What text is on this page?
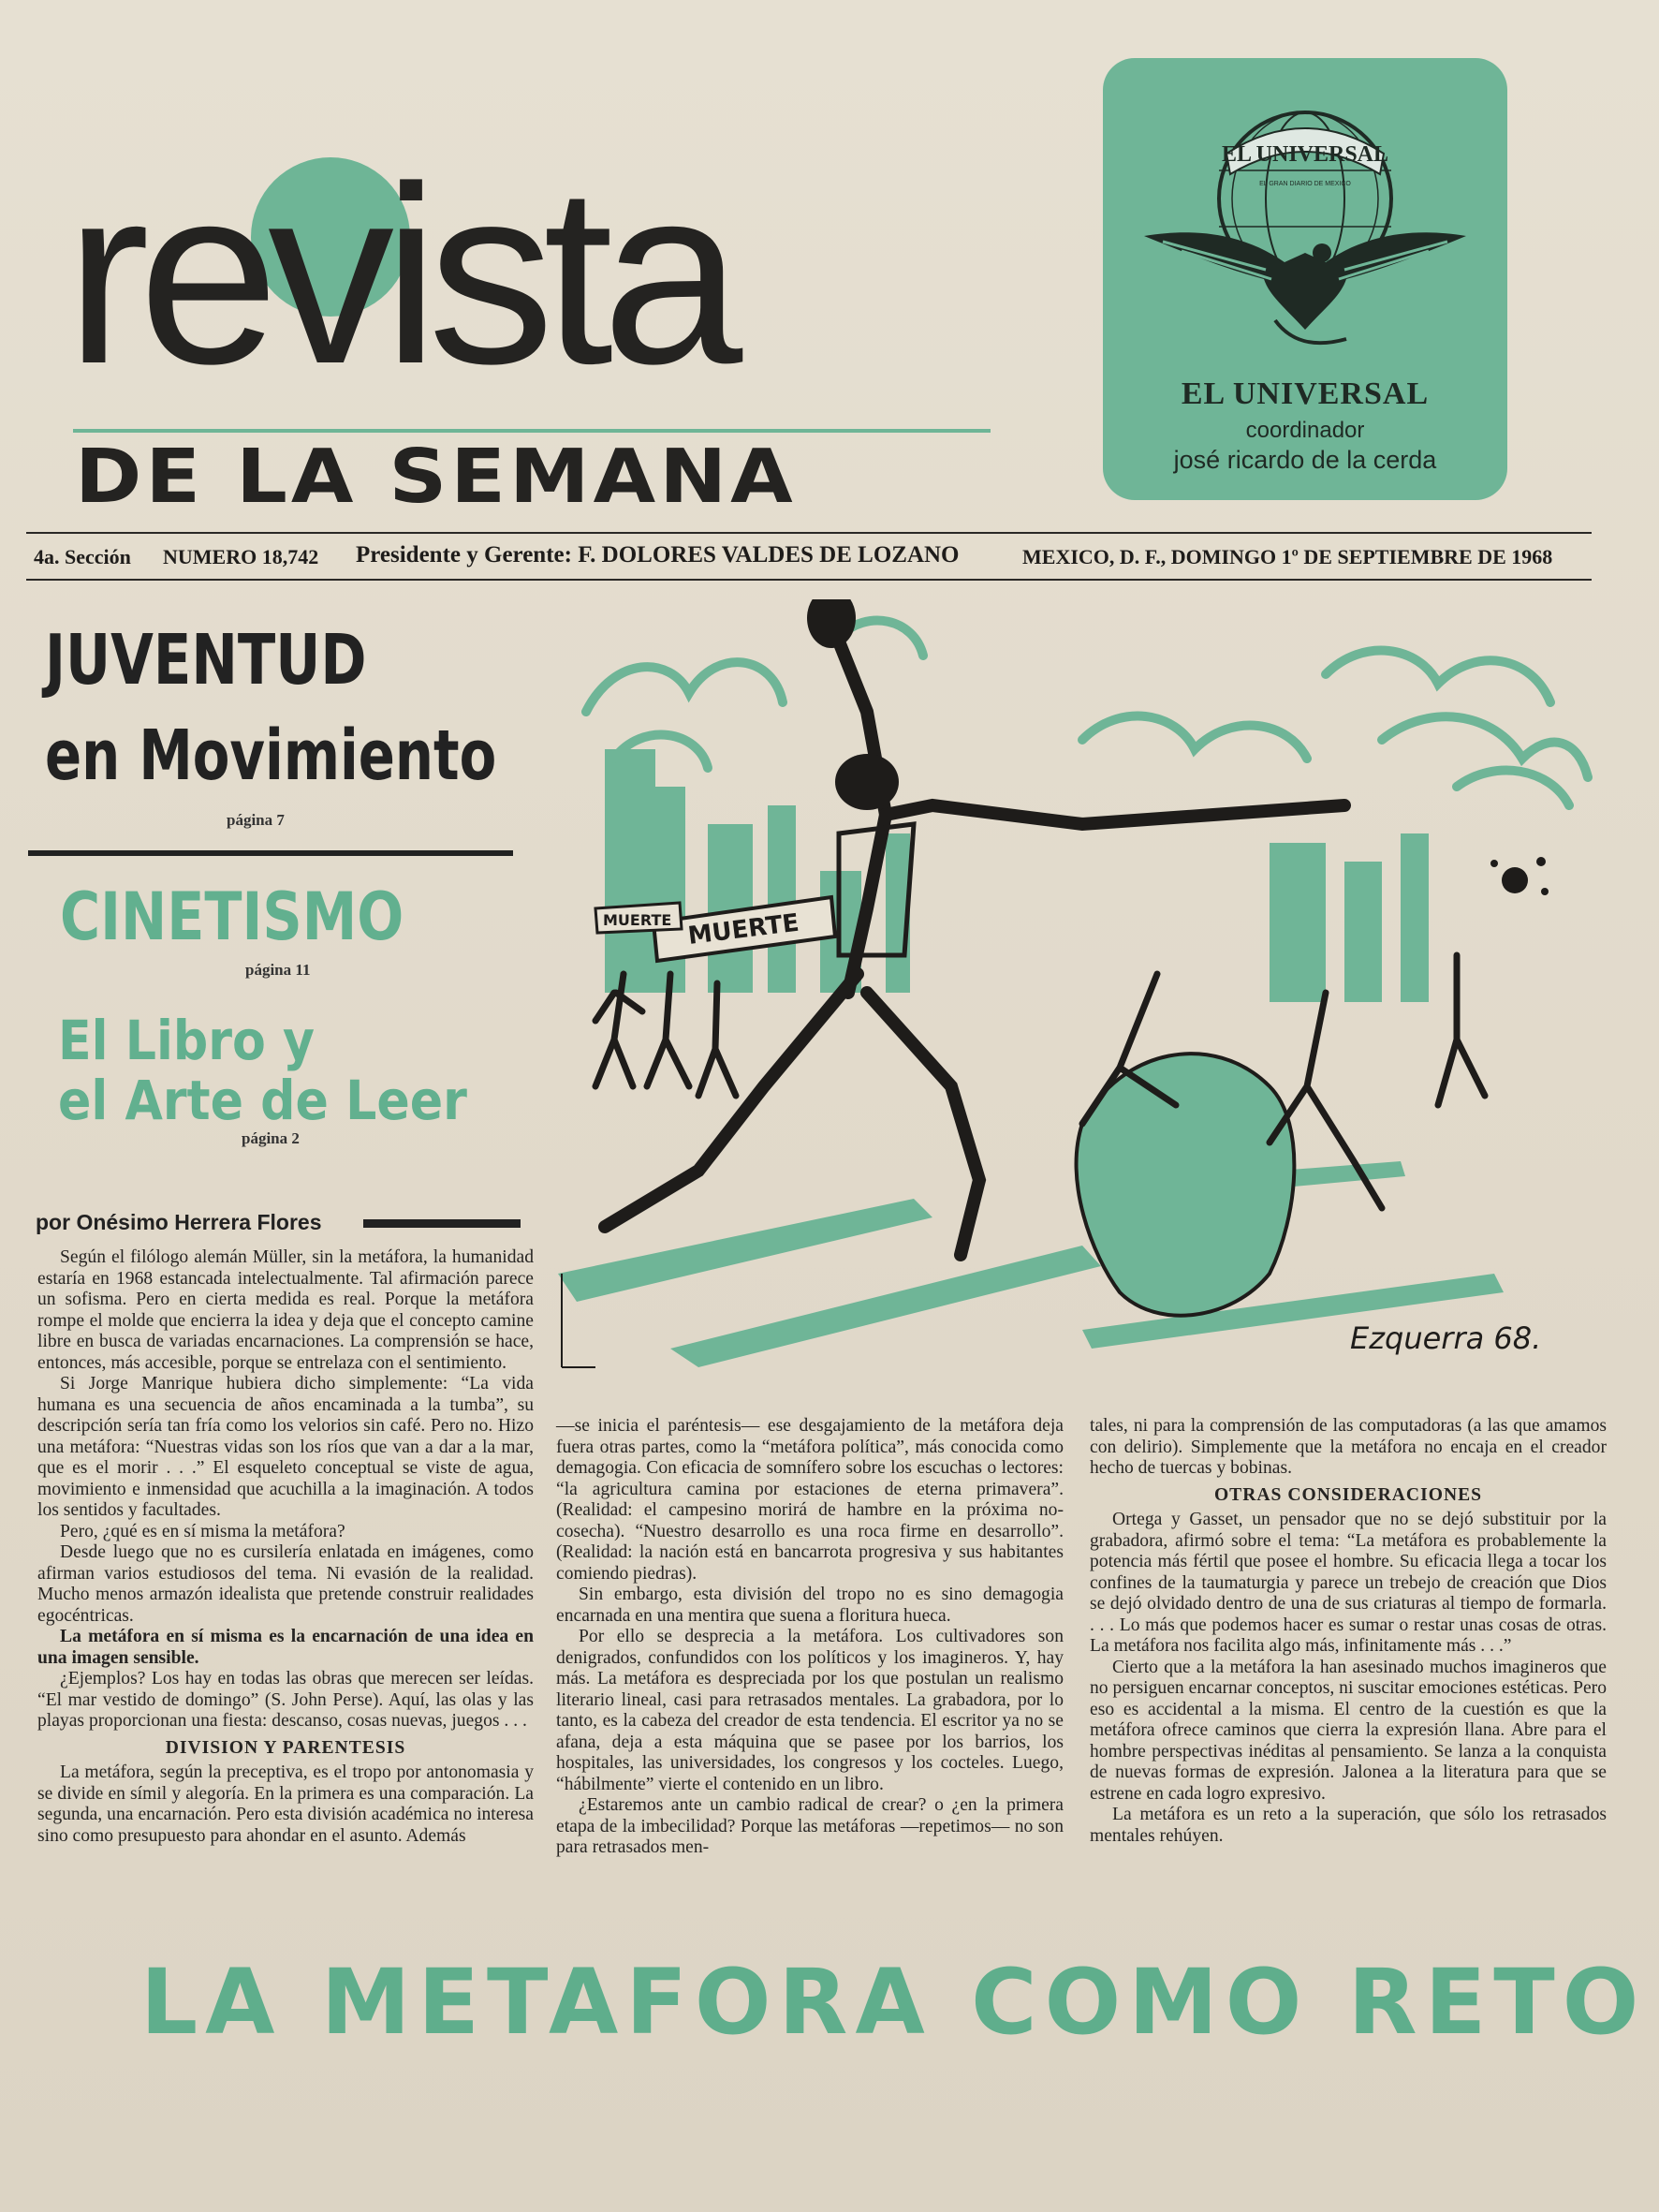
revista
DE LA SEMANA
EL UNIVERSAL
EL GRAN DIARIO DE MEXICO
EL UNIVERSAL
coordinador
josé ricardo de la cerda
4a. Sección NUMERO 18,742 Presidente y Gerente: F. DOLORES VALDES DE LOZANO	MEXICO, D. F., DOMINGO 1º DE SEPTIEMBRE DE 1968
JUVENTUD
en Movimiento
página 7
CINETISMO
página 11
El Libro y
el Arte de Leer
página 2
por Onésimo Herrera Flores
MUERTE
MUERTE
Ezquerra 68.

Según el filólogo alemán Müller, sin la metáfora, la humanidad estaría en 1968 estancada intelectualmente. Tal afirmación parece un sofisma. Pero en cierta medida es real. Porque la metáfora rompe el molde que encierra la idea y deja que el concepto camine libre en busca de variadas encarnaciones. La comprensión se hace, entonces, más accesible, porque se entrelaza con el sentimiento.

Si Jorge Manrique hubiera dicho simplemente: “La vida humana es una secuencia de años encaminada a la tumba”, su descripción sería tan fría como los velorios sin café. Pero no. Hizo una metáfora: “Nuestras vidas son los ríos que van a dar a la mar, que es el morir . . .” El esqueleto conceptual se viste de agua, movimiento e inmensidad que acuchilla a la imaginación. A todos los sentidos y facultades.

Pero, ¿qué es en sí misma la metáfora?

Desde luego que no es cursilería enlatada en imágenes, como afirman varios estudiosos del tema. Ni evasión de la realidad. Mucho menos armazón idealista que pretende construir realidades egocéntricas.

La metáfora en sí misma es la encarnación de una idea en una imagen sensible.

¿Ejemplos? Los hay en todas las obras que merecen ser leídas. “El mar vestido de domingo” (S. John Perse). Aquí, las olas y las playas proporcionan una fiesta: descanso, cosas nuevas, juegos . . .

DIVISION Y PARENTESIS

La metáfora, según la preceptiva, es el tropo por antonomasia y se divide en símil y alegoría. En la primera es una comparación. La segunda, una encarnación. Pero esta división académica no interesa sino como presupuesto para ahondar en el asunto. Además

—se inicia el paréntesis— ese desgajamiento de la metáfora deja fuera otras partes, como la “metáfora política”, más conocida como demagogia. Con eficacia de somnífero sobre los escuchas o lectores: “la agricultura camina por estaciones de eterna primavera”. (Realidad: el campesino morirá de hambre en la próxima no-cosecha). “Nuestro desarrollo es una roca firme en desarrollo”. (Realidad: la nación está en bancarrota progresiva y sus habitantes comiendo piedras).

Sin embargo, esta división del tropo no es sino demagogia encarnada en una mentira que suena a floritura hueca.

Por ello se desprecia a la metáfora. Los cultivadores son denigrados, confundidos con los políticos y los imagineros. Y, hay más. La metáfora es despreciada por los que postulan un realismo literario lineal, casi para retrasados mentales. La grabadora, por lo tanto, es la cabeza del creador de esta tendencia. El escritor ya no se afana, deja a esta máquina que se pasee por los barrios, los hospitales, las universidades, los congresos y los cocteles. Luego, “hábilmente” vierte el contenido en un libro.

¿Estaremos ante un cambio radical de crear? o ¿en la primera etapa de la imbecilidad? Porque las metáforas —repetimos— no son para retrasados men-

tales, ni para la comprensión de las computadoras (a las que amamos con delirio). Simplemente que la metáfora no encaja en el creador hecho de tuercas y bobinas.

OTRAS CONSIDERACIONES

Ortega y Gasset, un pensador que no se dejó substituir por la grabadora, afirmó sobre el tema: “La metáfora es probablemente la potencia más fértil que posee el hombre. Su eficacia llega a tocar los confines de la taumaturgia y parece un trebejo de creación que Dios se dejó olvidado dentro de una de sus criaturas al tiempo de formarla. . . . Lo más que podemos hacer es sumar o restar unas cosas de otras. La metáfora nos facilita algo más, infinitamente más . . .”

Cierto que a la metáfora la han asesinado muchos imagineros que no persiguen encarnar conceptos, ni suscitar emociones estéticas. Pero eso es accidental a la misma. El centro de la cuestión es que la metáfora ofrece caminos que cierra la expresión llana. Abre para el hombre perspectivas inéditas al pensamiento. Se lanza a la conquista de nuevas formas de expresión. Jalonea a la literatura para que se estrene en cada logro expresivo.

La metáfora es un reto a la superación, que sólo los retrasados mentales rehúyen.

LA METAFORA COMO RETO
